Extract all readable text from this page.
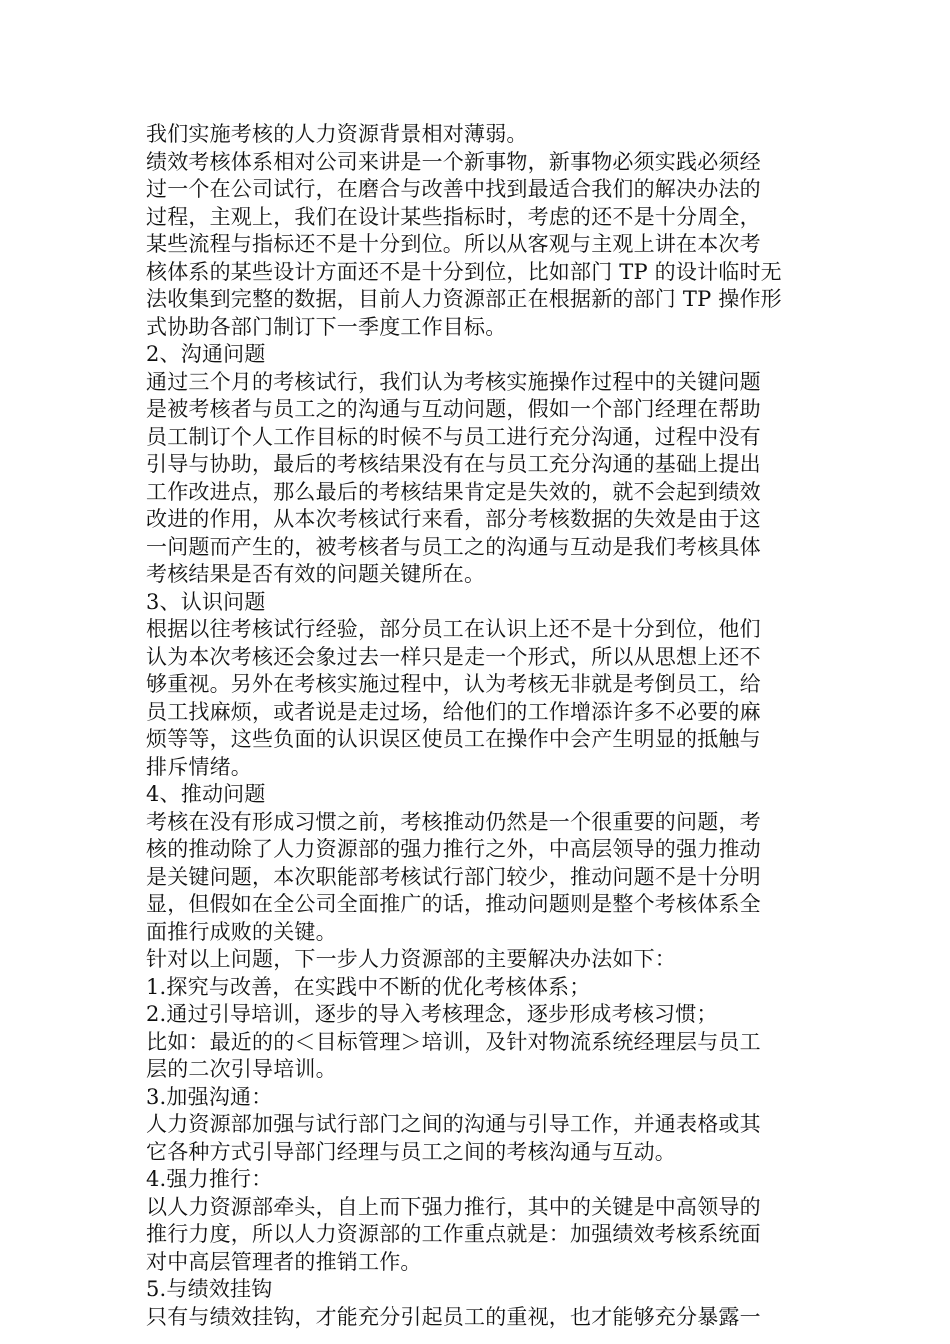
我们实施考核的人力资源背景相对薄弱。
绩效考核体系相对公司来讲是一个新事物，新事物必须实践必须经
过一个在公司试行，在磨合与改善中找到最适合我们的解决办法的
过程，主观上，我们在设计某些指标时，考虑的还不是十分周全，
某些流程与指标还不是十分到位。所以从客观与主观上讲在本次考
核体系的某些设计方面还不是十分到位，比如部门 TP 的设计临时无
法收集到完整的数据，目前人力资源部正在根据新的部门 TP 操作形
式协助各部门制订下一季度工作目标。
2、沟通问题
通过三个月的考核试行，我们认为考核实施操作过程中的关键问题
是被考核者与员工之的沟通与互动问题，假如一个部门经理在帮助
员工制订个人工作目标的时候不与员工进行充分沟通，过程中没有
引导与协助，最后的考核结果没有在与员工充分沟通的基础上提出
工作改进点，那么最后的考核结果肯定是失效的，就不会起到绩效
改进的作用，从本次考核试行来看，部分考核数据的失效是由于这
一问题而产生的，被考核者与员工之的沟通与互动是我们考核具体
考核结果是否有效的问题关键所在。
3、认识问题
根据以往考核试行经验，部分员工在认识上还不是十分到位，他们
认为本次考核还会象过去一样只是走一个形式，所以从思想上还不
够重视。另外在考核实施过程中，认为考核无非就是考倒员工，给
员工找麻烦，或者说是走过场，给他们的工作增添许多不必要的麻
烦等等，这些负面的认识误区使员工在操作中会产生明显的抵触与
排斥情绪。
4、推动问题
考核在没有形成习惯之前，考核推动仍然是一个很重要的问题，考
核的推动除了人力资源部的强力推行之外，中高层领导的强力推动
是关键问题，本次职能部考核试行部门较少，推动问题不是十分明
显，但假如在全公司全面推广的话，推动问题则是整个考核体系全
面推行成败的关键。
针对以上问题，下一步人力资源部的主要解决办法如下：
1.探究与改善，在实践中不断的优化考核体系；
2.通过引导培训，逐步的导入考核理念，逐步形成考核习惯；
比如：最近的的＜目标管理＞培训，及针对物流系统经理层与员工
层的二次引导培训。
3.加强沟通：
人力资源部加强与试行部门之间的沟通与引导工作，并通表格或其
它各种方式引导部门经理与员工之间的考核沟通与互动。
4.强力推行：
以人力资源部牵头，自上而下强力推行，其中的关键是中高领导的
推行力度，所以人力资源部的工作重点就是：加强绩效考核系统面
对中高层管理者的推销工作。
5.与绩效挂钩
只有与绩效挂钩，才能充分引起员工的重视，也才能够充分暴露一
